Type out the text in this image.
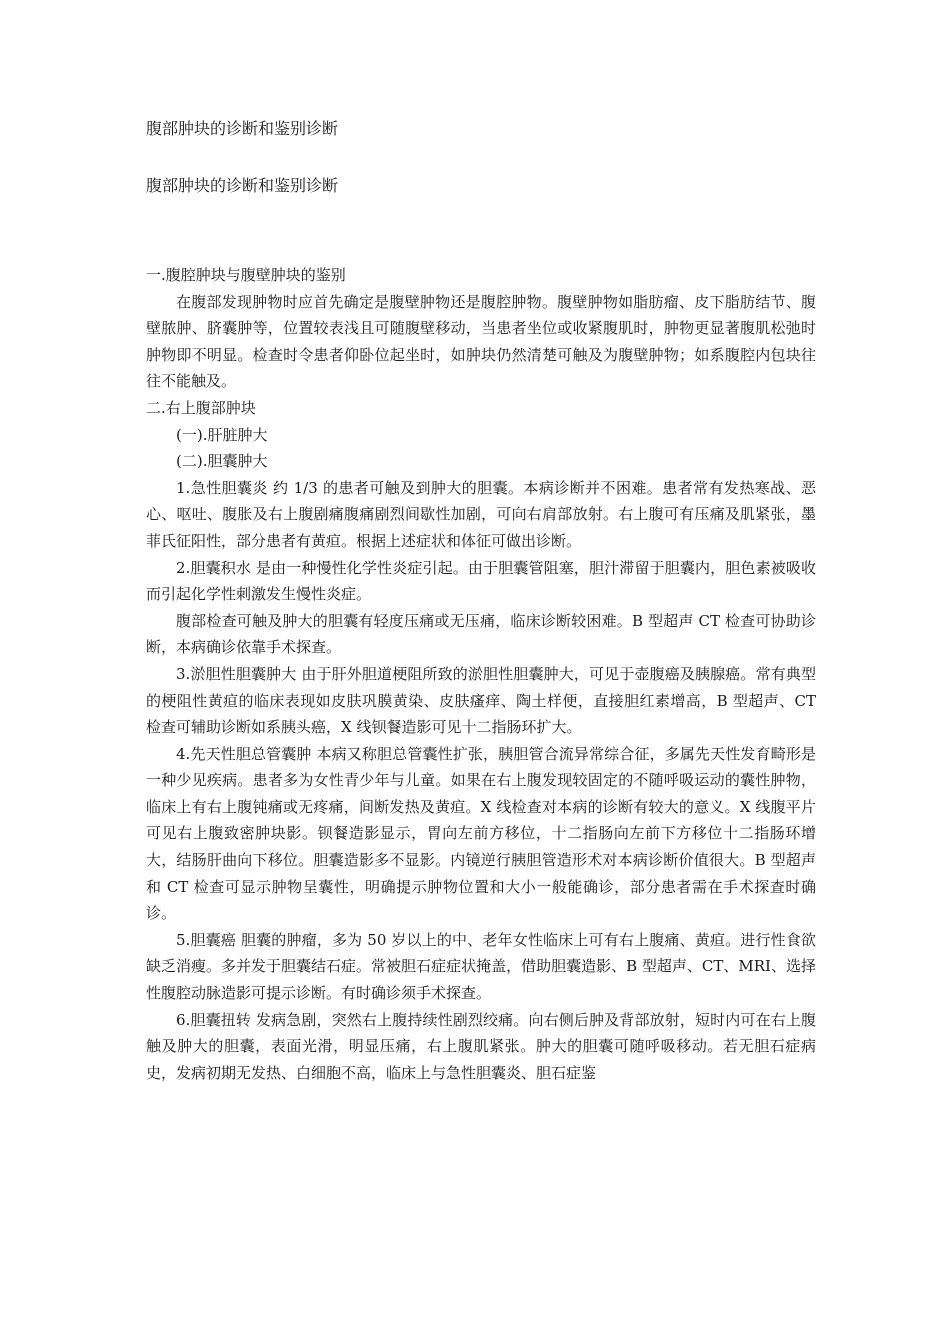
腹部肿块的诊断和鉴别诊断
腹部肿块的诊断和鉴别诊断

一.腹腔肿块与腹壁肿块的鉴别

在腹部发现肿物时应首先确定是腹壁肿物还是腹腔肿物。腹壁肿物如脂肪瘤、皮下脂肪结节、腹壁脓肿、脐囊肿等，位置较表浅且可随腹壁移动，当患者坐位或收紧腹肌时，肿物更显著腹肌松弛时肿物即不明显。检查时令患者仰卧位起坐时，如肿块仍然清楚可触及为腹壁肿物；如系腹腔内包块往往不能触及。

二.右上腹部肿块

(一).肝脏肿大

(二).胆囊肿大

1.急性胆囊炎 约 1/3 的患者可触及到肿大的胆囊。本病诊断并不困难。患者常有发热寒战、恶心、呕吐、腹胀及右上腹剧痛腹痛剧烈间歇性加剧，可向右肩部放射。右上腹可有压痛及肌紧张，墨菲氏征阳性，部分患者有黄疸。根据上述症状和体征可做出诊断。

2.胆囊积水 是由一种慢性化学性炎症引起。由于胆囊管阻塞，胆汁滞留于胆囊内，胆色素被吸收而引起化学性刺激发生慢性炎症。

腹部检查可触及肿大的胆囊有轻度压痛或无压痛，临床诊断较困难。B 型超声 CT 检查可协助诊断，本病确诊依靠手术探查。

3.淤胆性胆囊肿大 由于肝外胆道梗阻所致的淤胆性胆囊肿大，可见于壶腹癌及胰腺癌。常有典型的梗阻性黄疸的临床表现如皮肤巩膜黄染、皮肤瘙痒、陶土样便，直接胆红素增高，B 型超声、CT 检查可辅助诊断如系胰头癌，X 线钡餐造影可见十二指肠环扩大。

4.先天性胆总管囊肿 本病又称胆总管囊性扩张，胰胆管合流异常综合征，多属先天性发育畸形是一种少见疾病。患者多为女性青少年与儿童。如果在右上腹发现较固定的不随呼吸运动的囊性肿物，临床上有右上腹钝痛或无疼痛，间断发热及黄疸。X 线检查对本病的诊断有较大的意义。X 线腹平片可见右上腹致密肿块影。钡餐造影显示，胃向左前方移位，十二指肠向左前下方移位十二指肠环增大，结肠肝曲向下移位。胆囊造影多不显影。内镜逆行胰胆管造形术对本病诊断价值很大。B 型超声和 CT 检查可显示肿物呈囊性，明确提示肿物位置和大小一般能确诊，部分患者需在手术探查时确诊。

5.胆囊癌 胆囊的肿瘤，多为 50 岁以上的中、老年女性临床上可有右上腹痛、黄疸。进行性食欲缺乏消瘦。多并发于胆囊结石症。常被胆石症症状掩盖，借助胆囊造影、B 型超声、CT、MRI、选择性腹腔动脉造影可提示诊断。有时确诊须手术探查。

6.胆囊扭转 发病急剧，突然右上腹持续性剧烈绞痛。向右侧后肿及背部放射，短时内可在右上腹触及肿大的胆囊，表面光滑，明显压痛，右上腹肌紧张。肿大的胆囊可随呼吸移动。若无胆石症病史，发病初期无发热、白细胞不高，临床上与急性胆囊炎、胆石症鉴
